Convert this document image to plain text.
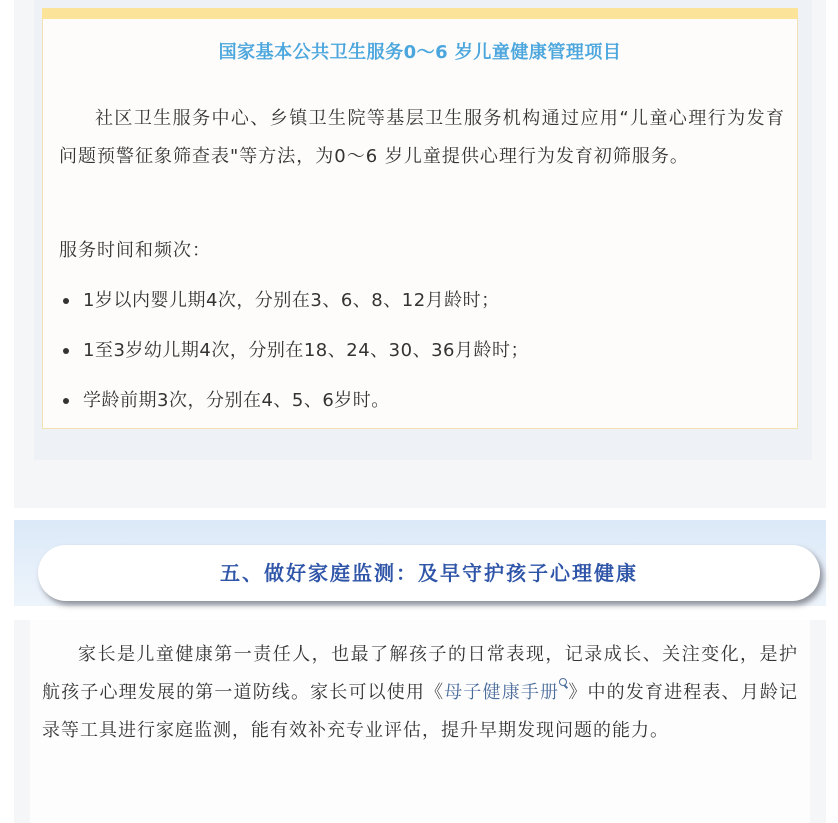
国家基本公共卫生服务0～6 岁儿童健康管理项目

社区卫生服务中心、乡镇卫生院等基层卫生服务机构通过应用“儿童心理行为发育问题预警征象筛查表"等方法，为0～6 岁儿童提供心理行为发育初筛服务。

服务时间和频次：
1岁以内婴儿期4次，分别在3、6、8、12月龄时；
1至3岁幼儿期4次，分别在18、24、30、36月龄时；
学龄前期3次，分别在4、5、6岁时。
五、做好家庭监测：及早守护孩子心理健康

家长是儿童健康第一责任人，也最了解孩子的日常表现，记录成长、关注变化，是护航孩子心理发展的第一道防线。家长可以使用《母子健康手册 》中的发育进程表、月龄记录等工具进行家庭监测，能有效补充专业评估，提升早期发现问题的能力。
